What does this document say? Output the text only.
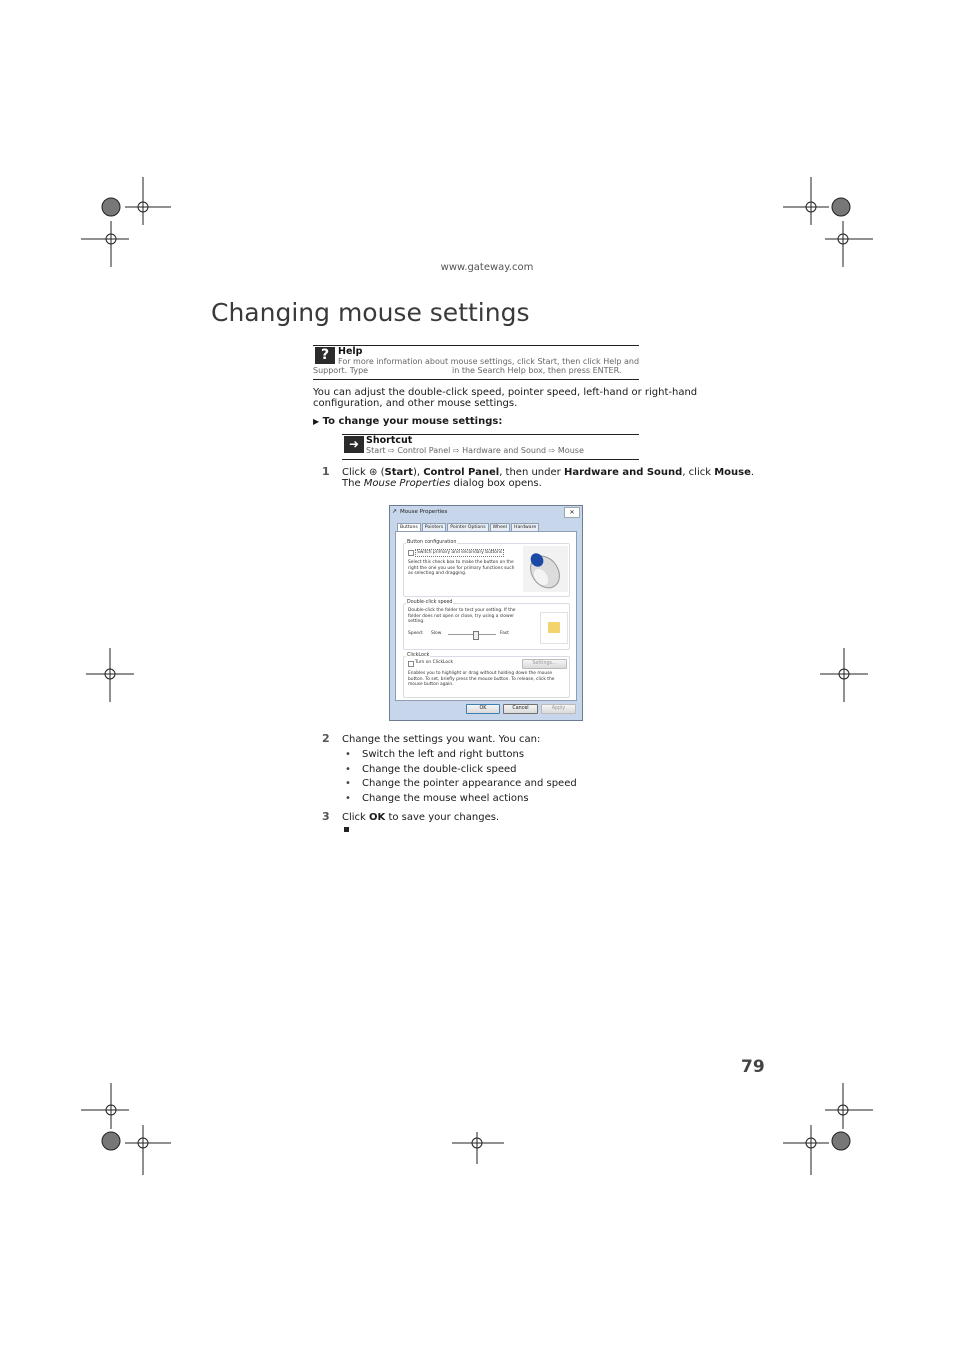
www.gateway.com
Changing mouse settings
? Help
For more information about mouse settings, click Start, then click Help and
Support. Type                                 in the Search Help box, then press ENTER.
You can adjust the double-click speed, pointer speed, left-hand or right-hand configuration, and other mouse settings.
▶ To change your mouse settings:
➜ Shortcut
Start ⇨ Control Panel ⇨ Hardware and Sound ⇨ Mouse
1 Click ⊛ (Start), Control Panel, then under Hardware and Sound, click Mouse. The Mouse Properties dialog box opens.
↗ Mouse Properties	✕
Buttons	Pointers	Pointer Options	Wheel	Hardware
Button configuration
Switch primary and secondary buttons
Select this check box to make the button on the right the one you use for primary functions such as selecting and dragging.
Double-click speed
Double-click the folder to test your setting. If the folder does not open or close, try using a slower setting.
Speed: Slow	Fast
ClickLock
Turn on ClickLock	Settings...
Enables you to highlight or drag without holding down the mouse button. To set, briefly press the mouse button. To release, click the mouse button again.
OK	Cancel	Apply
2 Change the settings you want. You can:
• Switch the left and right buttons
• Change the double-click speed
• Change the pointer appearance and speed
• Change the mouse wheel actions
3 Click OK to save your changes.
79
